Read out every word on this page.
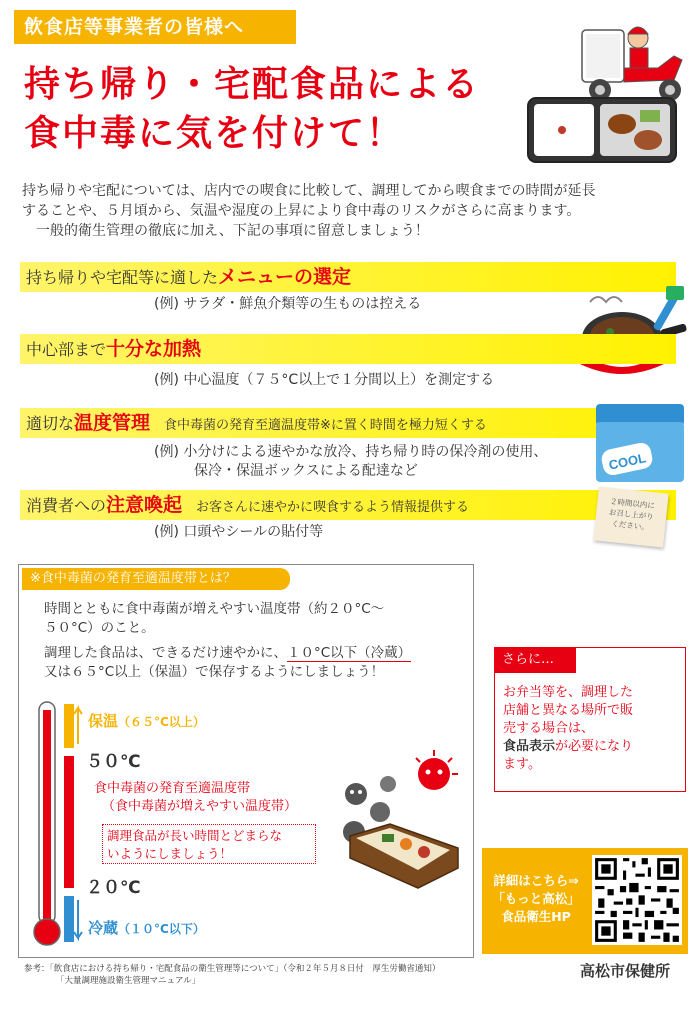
飲食店等事業者の皆様へ
持ち帰り・宅配食品による
食中毒に気を付けて！
持ち帰りや宅配については、店内での喫食に比較して、調理してから喫食までの時間が延長
することや、５月頃から、気温や湿度の上昇により食中毒のリスクがさらに高まります。
一般的衛生管理の徹底に加え、下記の事項に留意しましょう！
持ち帰りや宅配等に適したメニューの選定
(例) サラダ・鮮魚介類等の生ものは控える
中心部まで十分な加熱
(例) 中心温度（７５°C以上で１分間以上）を測定する
適切な温度管理 食中毒菌の発育至適温度帯※に置く時間を極力短くする
(例) 小分けによる速やかな放冷、持ち帰り時の保冷剤の使用、
保冷・保温ボックスによる配達など	COOL
消費者への注意喚起 お客さんに速やかに喫食するよう情報提供する
(例) 口頭やシールの貼付等
２時間以内に
お召し上がり
ください。
※食中毒菌の発育至適温度帯とは？
時間とともに食中毒菌が増えやすい温度帯（約２０°C～
５０°C）のこと。
調理した食品は、できるだけ速やかに、１０°C以下（冷蔵）
又は６５°C以上（保温）で保存するようにしましょう！
保温（６５°C以上）
５０℃
食中毒菌の発育至適温度帯
（食中毒菌が増えやすい温度帯）
調理食品が長い時間とどまらな
いようにしましょう！
２０℃
冷蔵（１０°C以下）
さらに…
お弁当等を、調理した
店舗と異なる場所で販
売する場合は、
食品表示が必要になり
ます。
詳細はこちら⇒
「もっと高松」
食品衛生HP
参考：「飲食店における持ち帰り・宅配食品の衛生管理等について」（令和２年５月８日付　厚生労働省通知）
「大量調理施設衛生管理マニュアル」
高松市保健所
